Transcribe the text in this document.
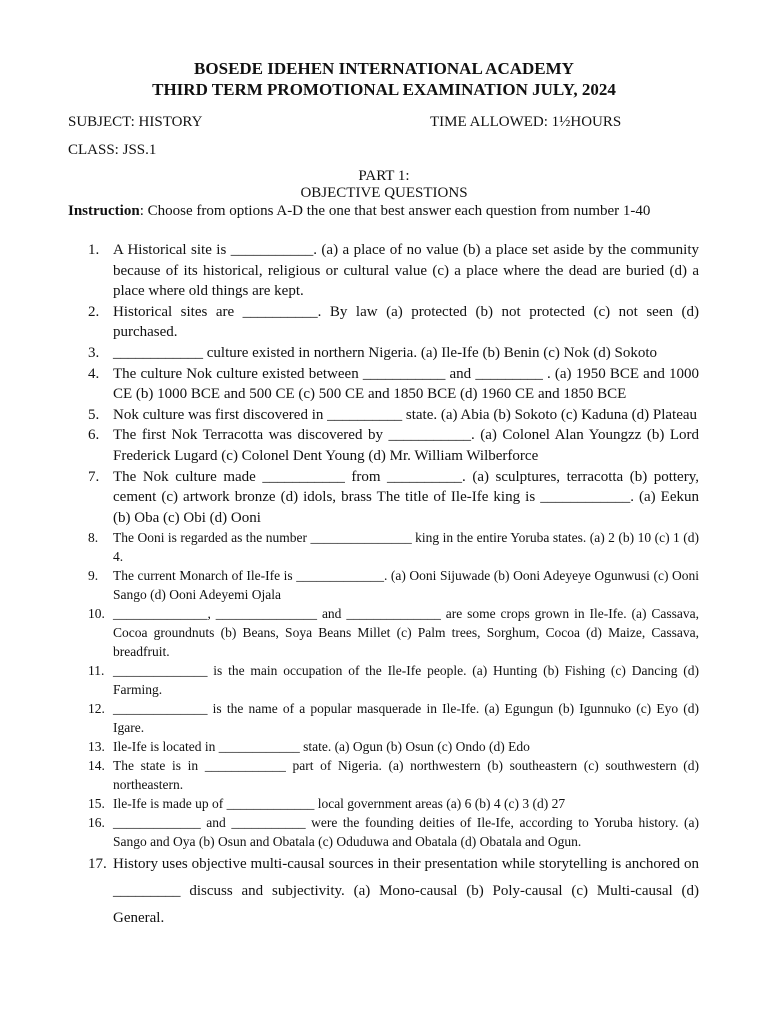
BOSEDE IDEHEN INTERNATIONAL ACADEMY
THIRD TERM PROMOTIONAL EXAMINATION JULY, 2024
SUBJECT: HISTORY	TIME ALLOWED: 1½HOURS
CLASS: JSS.1
PART 1:
OBJECTIVE QUESTIONS
Instruction: Choose from options A-D the one that best answer each question from number 1-40
1. A Historical site is ___________. (a) a place of no value (b) a place set aside by the community because of its historical, religious or cultural value (c) a place where the dead are buried (d) a place where old things are kept.
2. Historical sites are __________. By law (a) protected (b) not protected (c) not seen (d) purchased.
3. ____________ culture existed in northern Nigeria. (a) Ile-Ife (b) Benin (c) Nok (d) Sokoto
4. The culture Nok culture existed between ___________ and _________ . (a) 1950 BCE and 1000 CE (b) 1000 BCE and 500 CE (c) 500 CE and 1850 BCE (d) 1960 CE and 1850 BCE
5. Nok culture was first discovered in __________ state. (a) Abia (b) Sokoto (c) Kaduna (d) Plateau
6. The first Nok Terracotta was discovered by ___________. (a) Colonel Alan Youngzz (b) Lord Frederick Lugard (c) Colonel Dent Young (d) Mr. William Wilberforce
7. The Nok culture made ___________ from __________. (a) sculptures, terracotta (b) pottery, cement (c) artwork bronze (d) idols, brass The title of Ile-Ife king is ____________. (a) Eekun (b) Oba (c) Obi (d) Ooni
8. The Ooni is regarded as the number _______________ king in the entire Yoruba states. (a) 2 (b) 10 (c) 1 (d) 4.
9. The current Monarch of Ile-Ife is _____________. (a) Ooni Sijuwade (b) Ooni Adeyeye Ogunwusi (c) Ooni Sango (d) Ooni Adeyemi Ojala
10. ______________, _______________ and ______________ are some crops grown in Ile-Ife. (a) Cassava, Cocoa groundnuts (b) Beans, Soya Beans Millet (c) Palm trees, Sorghum, Cocoa (d) Maize, Cassava, breadfruit.
11. ______________ is the main occupation of the Ile-Ife people. (a) Hunting (b) Fishing (c) Dancing (d) Farming.
12. ______________ is the name of a popular masquerade in Ile-Ife. (a) Egungun (b) Igunnuko (c) Eyo (d) Igare.
13. Ile-Ife is located in ____________ state. (a) Ogun (b) Osun (c) Ondo (d) Edo
14. The state is in ____________ part of Nigeria. (a) northwestern (b) southeastern (c) southwestern (d) northeastern.
15. Ile-Ife is made up of _____________ local government areas (a) 6 (b) 4 (c) 3 (d) 27
16. _____________ and ___________ were the founding deities of Ile-Ife, according to Yoruba history. (a) Sango and Oya (b) Osun and Obatala (c) Oduduwa and Obatala (d) Obatala and Ogun.
17. History uses objective multi-causal sources in their presentation while storytelling is anchored on _________ discuss and subjectivity. (a) Mono-causal (b) Poly-causal (c) Multi-causal (d) General.
